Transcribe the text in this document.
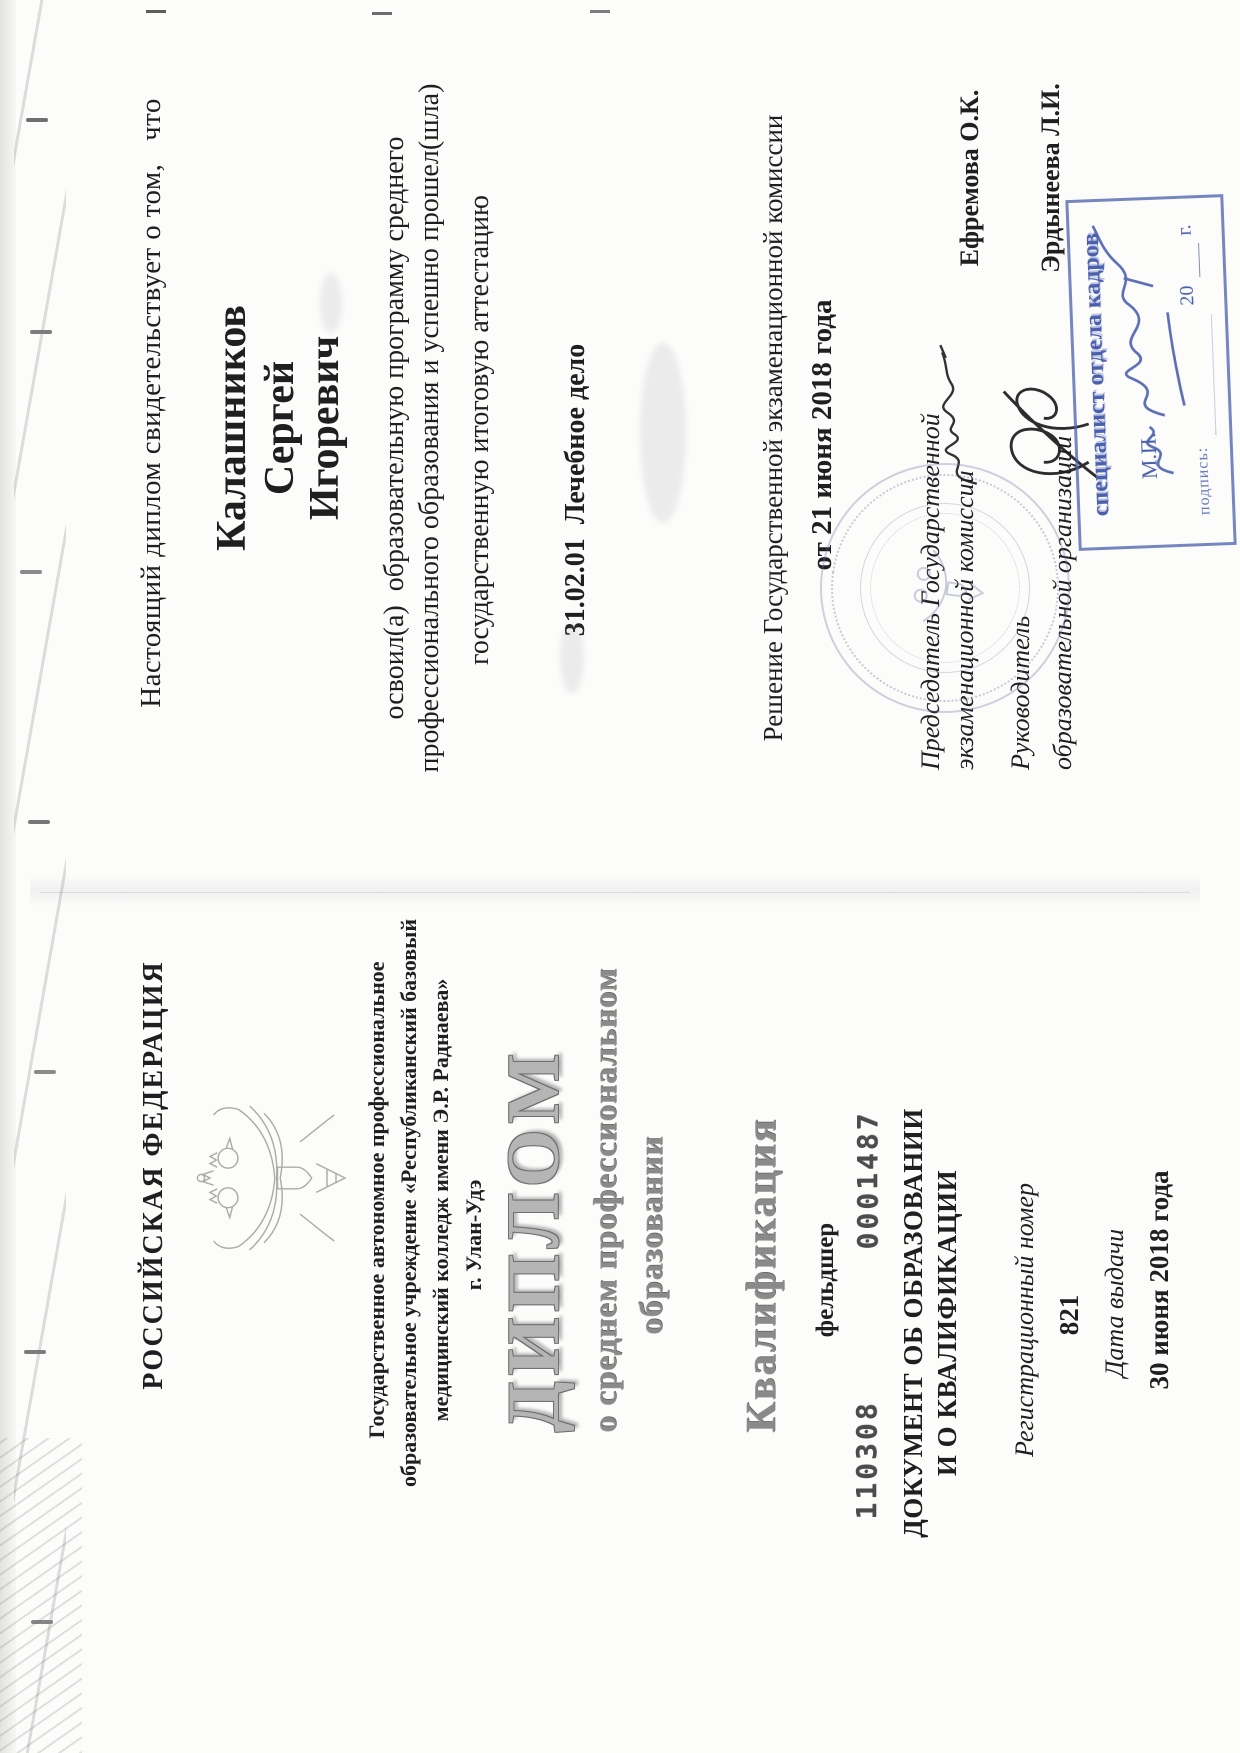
РОССИЙСКАЯ ФЕДЕРАЦИЯ	Государственное автономное профессиональное образовательное учреждение «Республиканский базовый медицинский колледж имени Э.Р. Раднаева» г. Улан-Удэ ДИПЛОМ о среднем профессиональном образовании Квалификация фельдшер
110308
0001487 ДОКУМЕНТ ОБ ОБРАЗОВАНИИ И О КВАЛИФИКАЦИИ Регистрационный номер 821 Дата выдачи 30 июня 2018 года
Настоящий диплом свидетельствует о том,   что Калашников Сергей Игоревич освоил(а)  образовательную программу среднего профессионального образования и успешно прошел(шла) государственную итоговую аттестацию 31.02.01  Лечебное дело	Решение Государственной экзаменационной комиссии от 21 июня 2018 года	Председатель Государственной экзаменационной комиссии
Ефремова О.К.
Руководитель образовательной организации
Эрдынеева Л.И.
специалист отдела кадров М.П.
20
г.
подпись:
